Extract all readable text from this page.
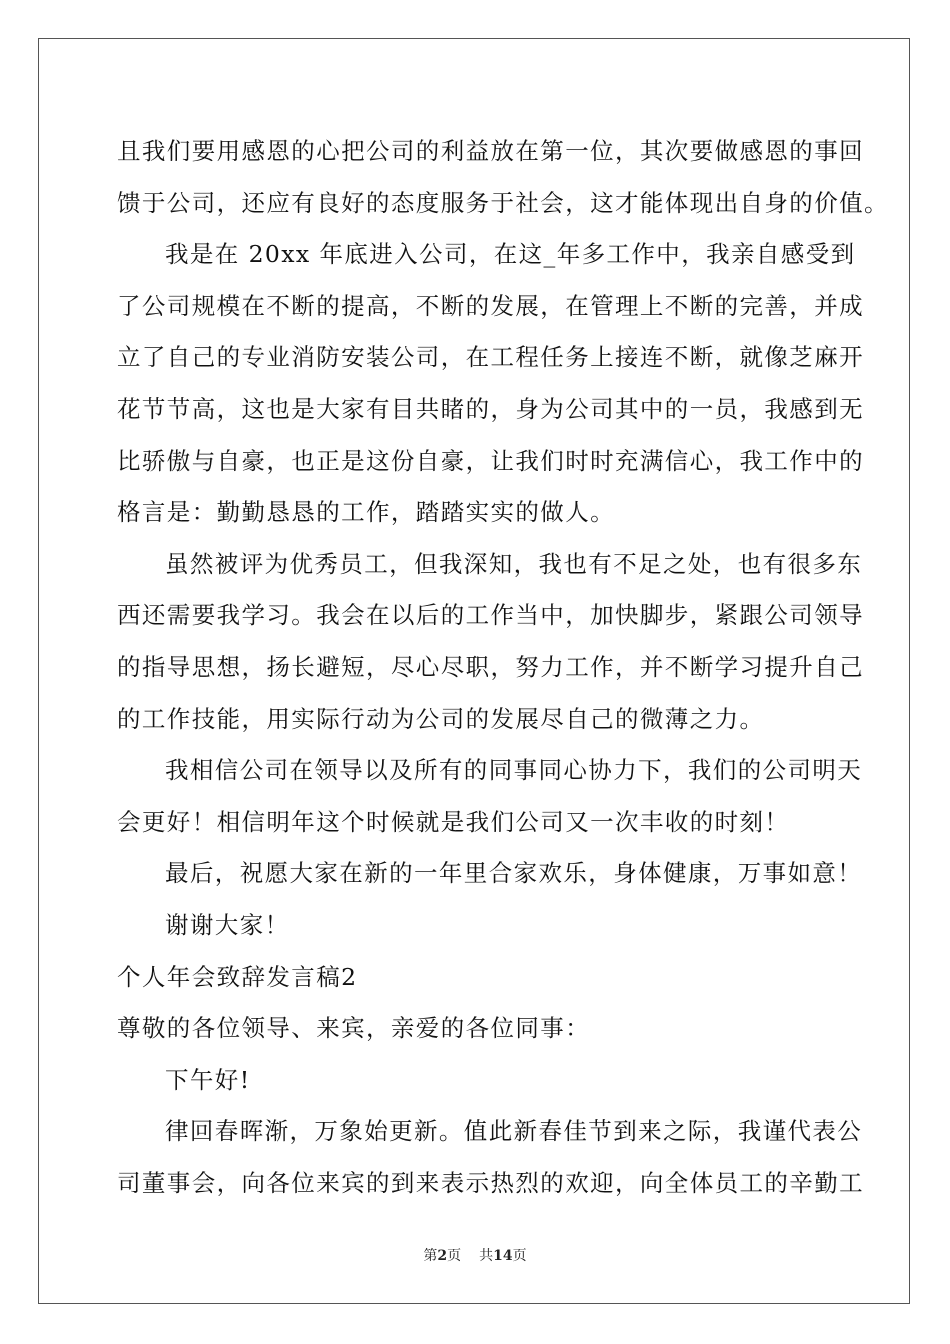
且我们要用感恩的心把公司的利益放在第一位，其次要做感恩的事回
馈于公司，还应有良好的态度服务于社会，这才能体现出自身的价值。
我是在 20xx 年底进入公司，在这_年多工作中，我亲自感受到
了公司规模在不断的提高，不断的发展，在管理上不断的完善，并成
立了自己的专业消防安装公司，在工程任务上接连不断，就像芝麻开
花节节高，这也是大家有目共睹的，身为公司其中的一员，我感到无
比骄傲与自豪，也正是这份自豪，让我们时时充满信心，我工作中的
格言是：勤勤恳恳的工作，踏踏实实的做人。
虽然被评为优秀员工，但我深知，我也有不足之处，也有很多东
西还需要我学习。我会在以后的工作当中，加快脚步，紧跟公司领导
的指导思想，扬长避短，尽心尽职，努力工作，并不断学习提升自己
的工作技能，用实际行动为公司的发展尽自己的微薄之力。
我相信公司在领导以及所有的同事同心协力下，我们的公司明天
会更好！相信明年这个时候就是我们公司又一次丰收的时刻！
最后，祝愿大家在新的一年里合家欢乐，身体健康，万事如意！
谢谢大家！
个人年会致辞发言稿2
尊敬的各位领导、来宾，亲爱的各位同事：
下午好!
律回春晖渐，万象始更新。值此新春佳节到来之际，我谨代表公
司董事会，向各位来宾的到来表示热烈的欢迎，向全体员工的辛勤工
第2页 共14页
